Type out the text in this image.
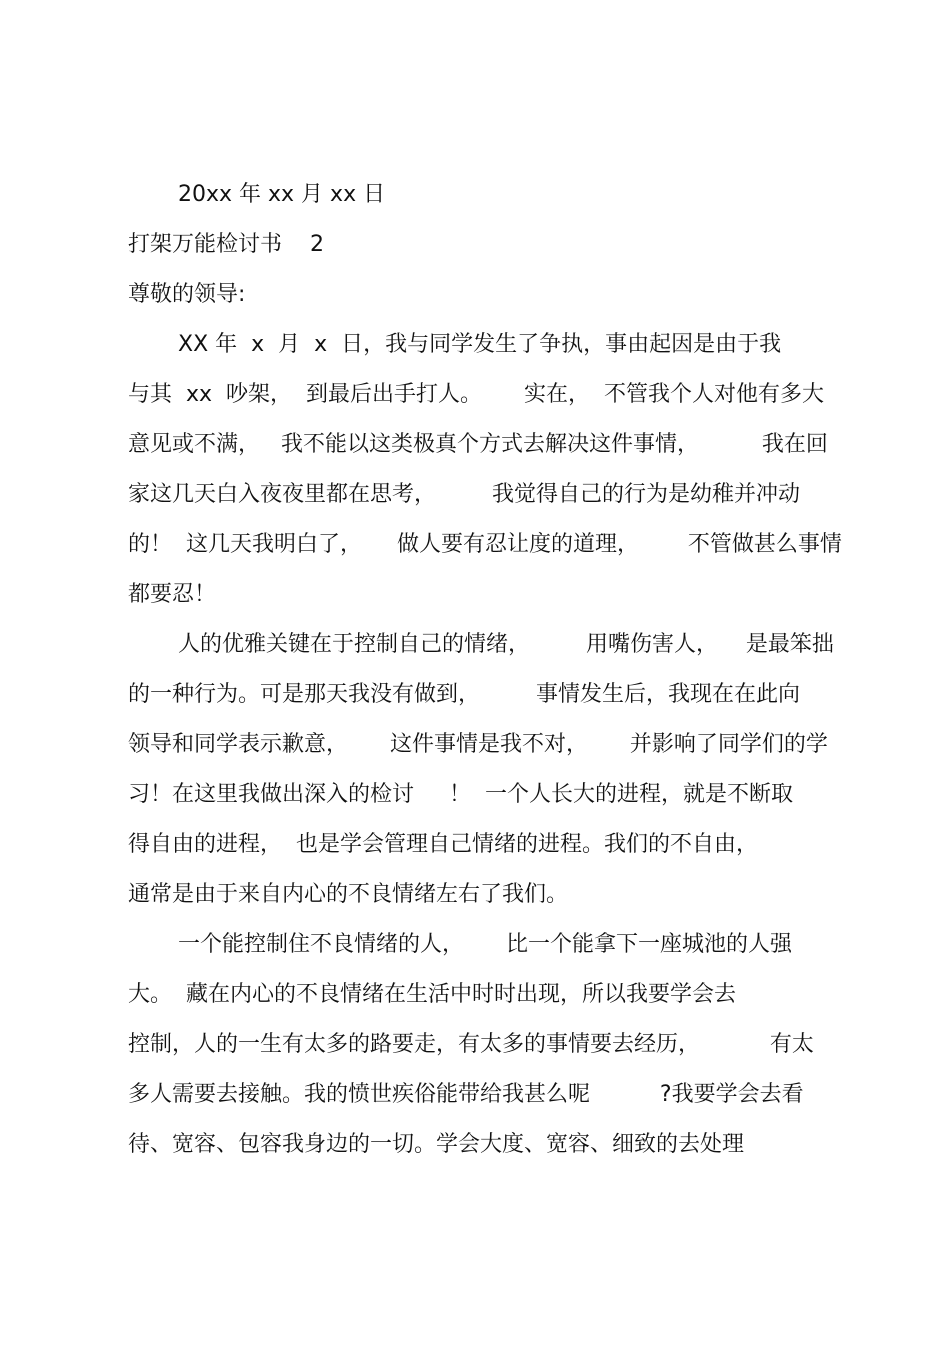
20xx 年 xx 月 xx 日
打架万能检讨书    2
尊敬的领导:
XX 年  x  月  x  日，我与同学发生了争执，事由起因是由于我
与其  xx  吵架，  到最后出手打人。      实在，  不管我个人对他有多大
意见或不满，   我不能以这类极真个方式去解决这件事情，         我在回
家这几天白入夜夜里都在思考，        我觉得自己的行为是幼稚并冲动
的！  这几天我明白了，     做人要有忍让度的道理，       不管做甚么事情
都要忍！
人的优雅关键在于控制自己的情绪，        用嘴伤害人，    是最笨拙
的一种行为。可是那天我没有做到，        事情发生后，我现在在此向
领导和同学表示歉意，      这件事情是我不对，      并影响了同学们的学
习！在这里我做出深入的检讨     ！  一个人长大的进程，就是不断取
得自由的进程，  也是学会管理自己情绪的进程。我们的不自由，
通常是由于来自内心的不良情绪左右了我们。
一个能控制住不良情绪的人，      比一个能拿下一座城池的人强
大。  藏在内心的不良情绪在生活中时时出现，所以我要学会去
控制，人的一生有太多的路要走，有太多的事情要去经历，          有太
多人需要去接触。我的愤世疾俗能带给我甚么呢          ?我要学会去看
待、宽容、包容我身边的一切。学会大度、宽容、细致的去处理
